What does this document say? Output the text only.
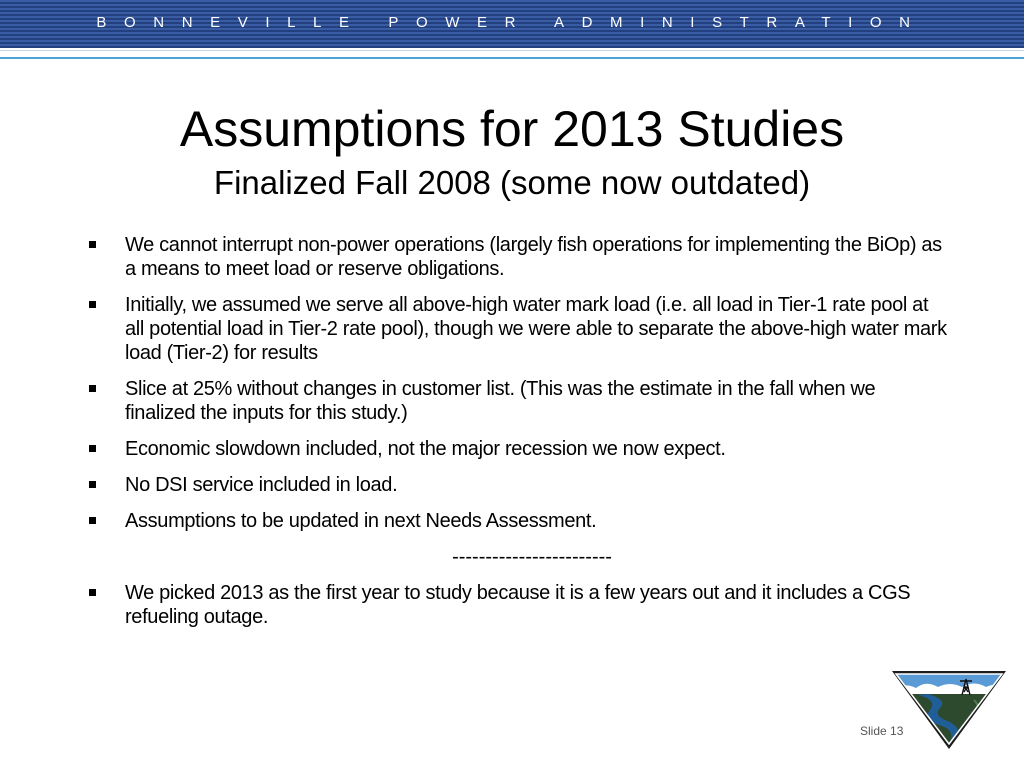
BONNEVILLE POWER ADMINISTRATION
Assumptions for 2013 Studies
Finalized Fall 2008 (some now outdated)
We cannot interrupt non-power operations (largely fish operations for implementing the BiOp) as a means to meet load or reserve obligations.
Initially, we assumed we serve all above-high water mark load (i.e. all load in Tier-1 rate pool at all potential load in Tier-2 rate pool), though we were able to separate the above-high water mark load (Tier-2) for results
Slice at 25% without changes in customer list. (This was the estimate in the fall when we finalized the inputs for this study.)
Economic slowdown included, not the major recession we now expect.
No DSI service included in load.
Assumptions to be updated in next Needs Assessment.
------------------------
We picked 2013 as the first year to study because it is a few years out and it includes a CGS refueling outage.
Slide 13
